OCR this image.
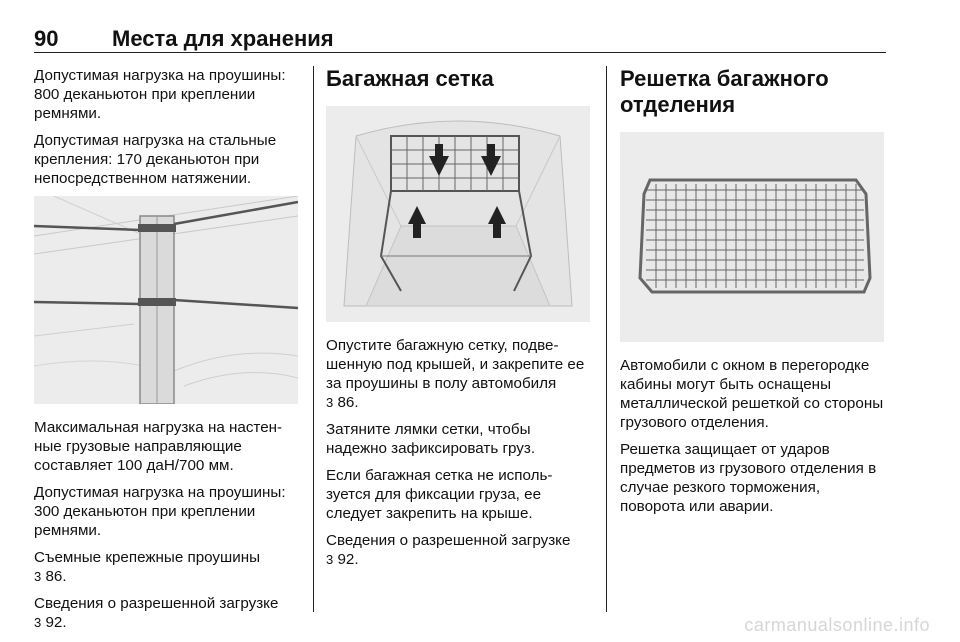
90 Места для хранения

Допустимая нагрузка на проушины: 800 деканьютон при креплении ремнями.

Допустимая нагрузка на стальные крепления: 170 деканьютон при непосредственном натяжении.

Максимальная нагрузка на настен-ные грузовые направляющие составляет 100 даН/700 мм.

Допустимая нагрузка на проушины: 300 деканьютон при креплении ремнями.

Съемные крепежные проушины
3 86.

Сведения о разрешенной загрузке
3 92.

Багажная сетка

Опустите багажную сетку, подве-шенную под крышей, и закрепите ее за проушины в полу автомобиля
3 86.

Затяните лямки сетки, чтобы надежно зафиксировать груз.

Если багажная сетка не исполь-зуется для фиксации груза, ее следует закрепить на крыше.

Сведения о разрешенной загрузке
3 92.

Решетка багажного
отделения

Автомобили с окном в перегородке кабины могут быть оснащены металлической решеткой со стороны грузового отделения.

Решетка защищает от ударов предметов из грузового отделения в случае резкого торможения, поворота или аварии.

carmanualsonline.info
